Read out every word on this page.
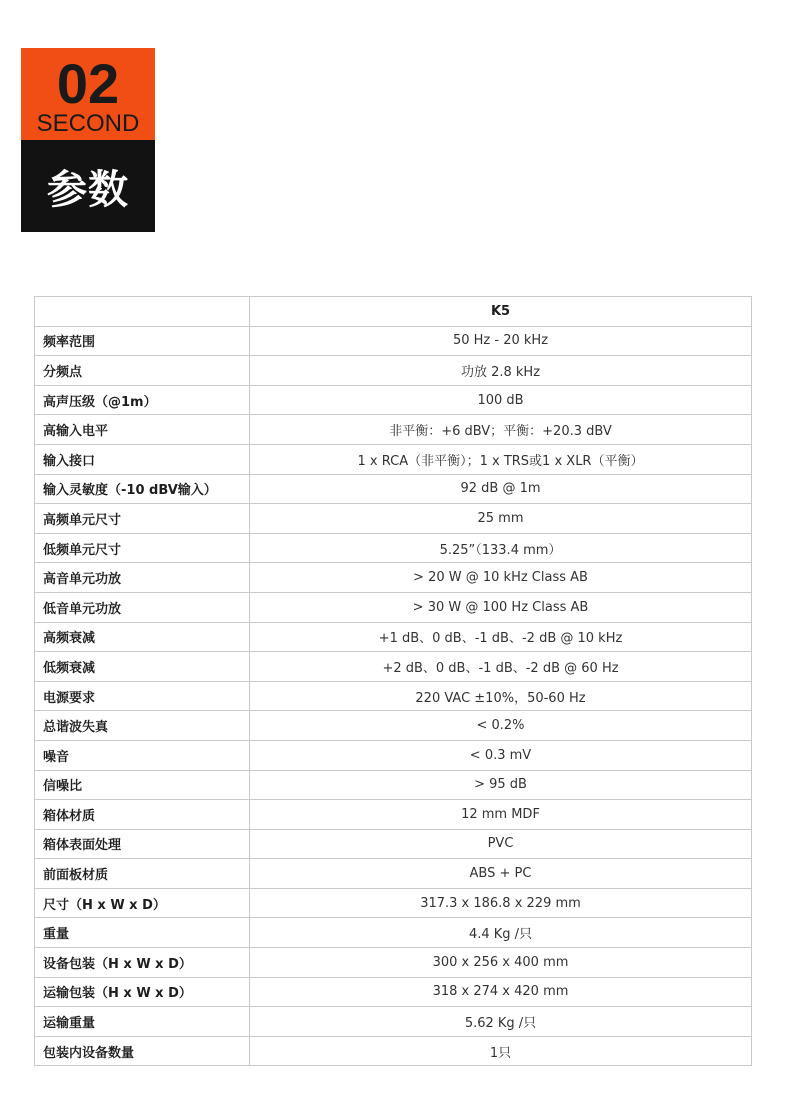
02
SECOND
参数
	K5
频率范围	50 Hz - 20 kHz
分频点	功放 2.8 kHz
高声压级（@1m）	100 dB
高输入电平	非平衡：+6 dBV；平衡：+20.3 dBV
输入接口	1 x RCA（非平衡）；1 x TRS或1 x XLR（平衡）
输入灵敏度（-10 dBV输入）	92 dB @ 1m
高频单元尺寸	25 mm
低频单元尺寸	5.25”（133.4 mm）
高音单元功放	> 20 W @ 10 kHz Class AB
低音单元功放	> 30 W @ 100 Hz Class AB
高频衰减	+1 dB、0 dB、-1 dB、-2 dB @ 10 kHz
低频衰减	+2 dB、0 dB、-1 dB、-2 dB @ 60 Hz
电源要求	220 VAC ±10%，50-60 Hz
总谐波失真	< 0.2%
噪音	< 0.3 mV
信噪比	> 95 dB
箱体材质	12 mm MDF
箱体表面处理	PVC
前面板材质	ABS + PC
尺寸（H x W x D）	317.3 x 186.8 x 229 mm
重量	4.4 Kg /只
设备包装（H x W x D）	300 x 256 x 400 mm
运输包装（H x W x D）	318 x 274 x 420 mm
运输重量	5.62 Kg /只
包装内设备数量	1只
